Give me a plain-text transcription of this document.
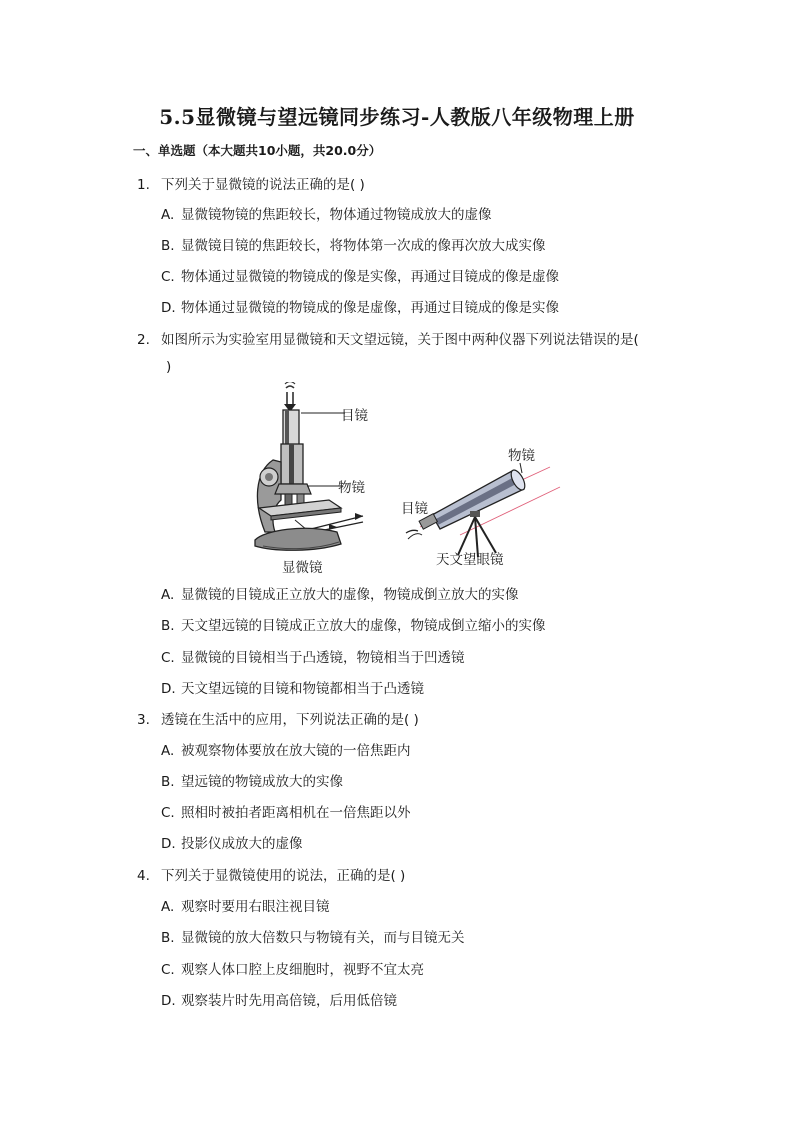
5.5显微镜与望远镜同步练习-人教版八年级物理上册
一、单选题（本大题共10小题，共20.0分）
1. 下列关于显微镜的说法正确的是( )
A. 显微镜物镜的焦距较长，物体通过物镜成放大的虚像
B. 显微镜目镜的焦距较长，将物体第一次成的像再次放大成实像
C. 物体通过显微镜的物镜成的像是实像，再通过目镜成的像是虚像
D. 物体通过显微镜的物镜成的像是虚像，再通过目镜成的像是实像
2. 如图所示为实验室用显微镜和天文望远镜，关于图中两种仪器下列说法错误的是(
)
目镜
物镜
显微镜
物镜
目镜
天文望眼镜
A. 显微镜的目镜成正立放大的虚像，物镜成倒立放大的实像
B. 天文望远镜的目镜成正立放大的虚像，物镜成倒立缩小的实像
C. 显微镜的目镜相当于凸透镜，物镜相当于凹透镜
D. 天文望远镜的目镜和物镜都相当于凸透镜
3. 透镜在生活中的应用，下列说法正确的是( )
A. 被观察物体要放在放大镜的一倍焦距内
B. 望远镜的物镜成放大的实像
C. 照相时被拍者距离相机在一倍焦距以外
D. 投影仪成放大的虚像
4. 下列关于显微镜使用的说法，正确的是( )
A. 观察时要用右眼注视目镜
B. 显微镜的放大倍数只与物镜有关，而与目镜无关
C. 观察人体口腔上皮细胞时，视野不宜太亮
D. 观察装片时先用高倍镜，后用低倍镜
